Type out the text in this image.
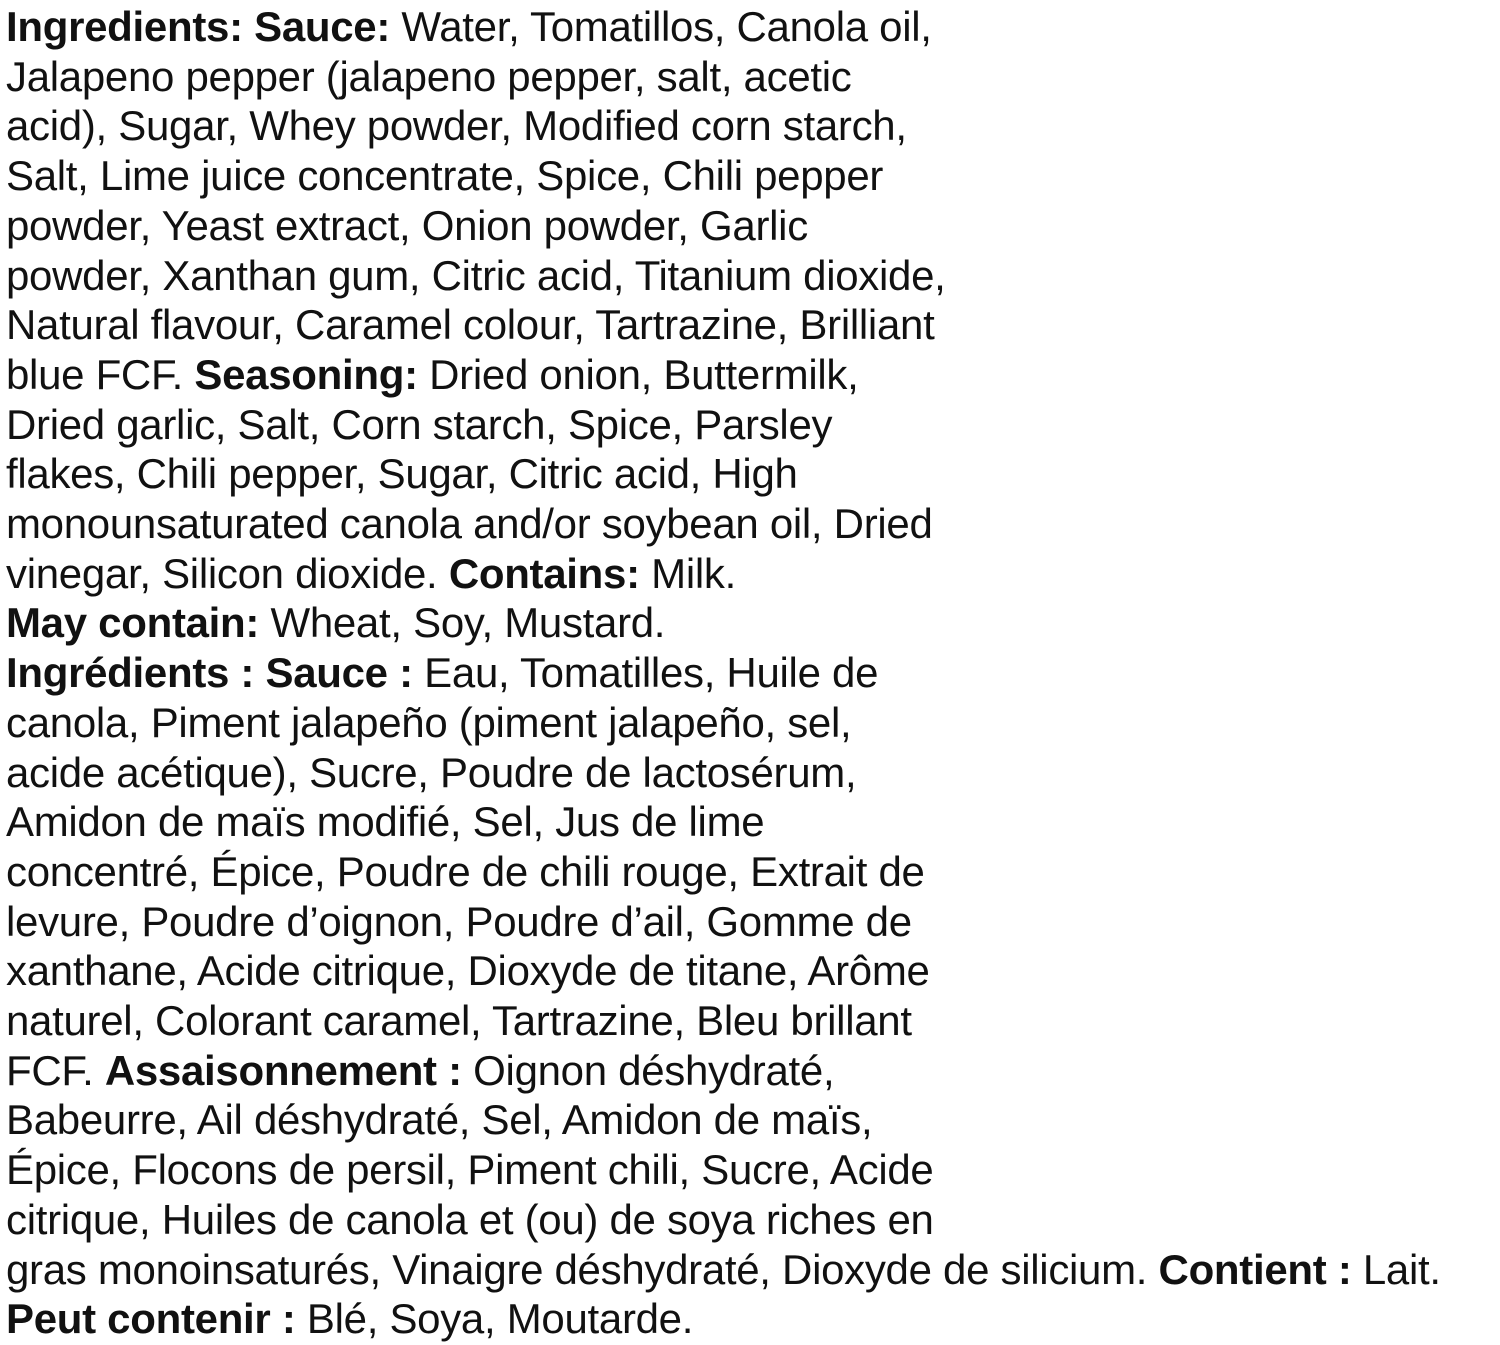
Ingredients: Sauce: Water, Tomatillos, Canola oil,
Jalapeno pepper (jalapeno pepper, salt, acetic
acid), Sugar, Whey powder, Modified corn starch,
Salt, Lime juice concentrate, Spice, Chili pepper
powder, Yeast extract, Onion powder, Garlic
powder, Xanthan gum, Citric acid, Titanium dioxide,
Natural flavour, Caramel colour, Tartrazine, Brilliant
blue FCF. Seasoning: Dried onion, Buttermilk,
Dried garlic, Salt, Corn starch, Spice, Parsley
flakes, Chili pepper, Sugar, Citric acid, High
monounsaturated canola and/or soybean oil, Dried
vinegar, Silicon dioxide. Contains: Milk.
May contain: Wheat, Soy, Mustard.
Ingrédients : Sauce : Eau, Tomatilles, Huile de
canola, Piment jalapeño (piment jalapeño, sel,
acide acétique), Sucre, Poudre de lactosérum,
Amidon de maïs modifié, Sel, Jus de lime
concentré, Épice, Poudre de chili rouge, Extrait de
levure, Poudre d’oignon, Poudre d’ail, Gomme de
xanthane, Acide citrique, Dioxyde de titane, Arôme
naturel, Colorant caramel, Tartrazine, Bleu brillant
FCF. Assaisonnement : Oignon déshydraté,
Babeurre, Ail déshydraté, Sel, Amidon de maïs,
Épice, Flocons de persil, Piment chili, Sucre, Acide
citrique, Huiles de canola et (ou) de soya riches en
gras monoinsaturés, Vinaigre déshydraté, Dioxyde de silicium. Contient : Lait.
Peut contenir : Blé, Soya, Moutarde.
